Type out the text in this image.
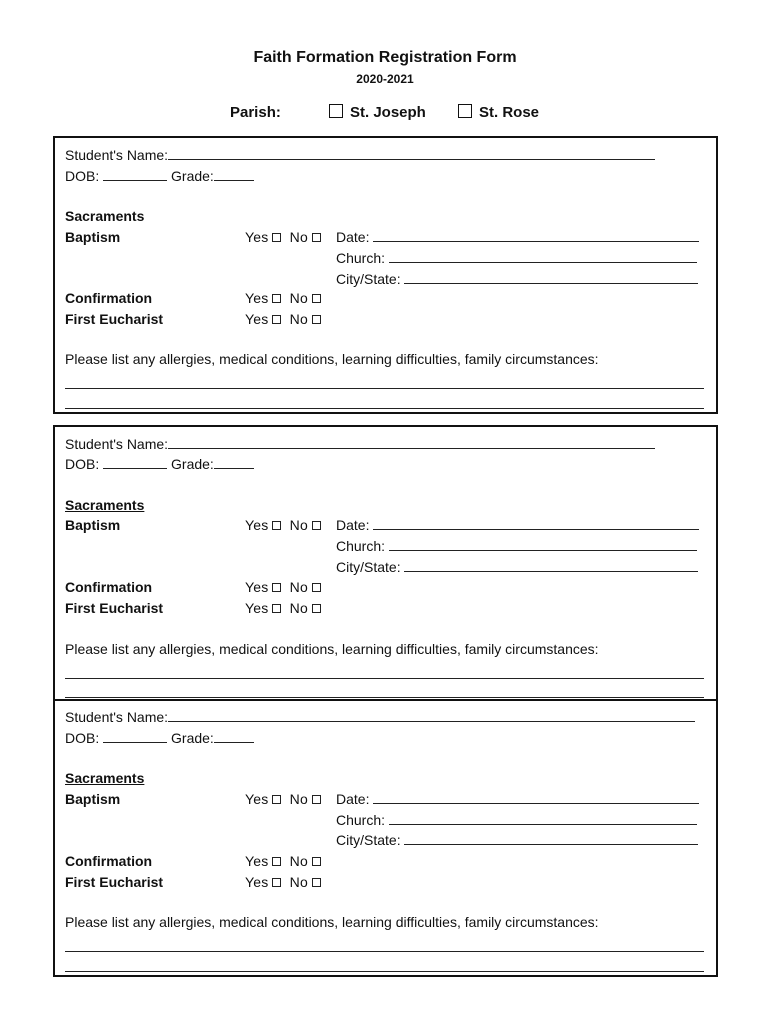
Faith Formation Registration Form
2020-2021
Parish:	St. Joseph	St. Rose
Student's Name:
DOB:	Grade:
Sacraments
Baptism	Yes No	Date:
Church:
City/State:
Confirmation	Yes No
First Eucharist	Yes No
Please list any allergies, medical conditions, learning difficulties, family circumstances:
Student's Name:
DOB:	Grade:
Sacraments
Baptism	Yes No	Date:
Church:
City/State:
Confirmation	Yes No
First Eucharist	Yes No
Please list any allergies, medical conditions, learning difficulties, family circumstances:
Student's Name:
DOB:	Grade:
Sacraments
Baptism	Yes No	Date:
Church:
City/State:
Confirmation	Yes No
First Eucharist	Yes No
Please list any allergies, medical conditions, learning difficulties, family circumstances:
